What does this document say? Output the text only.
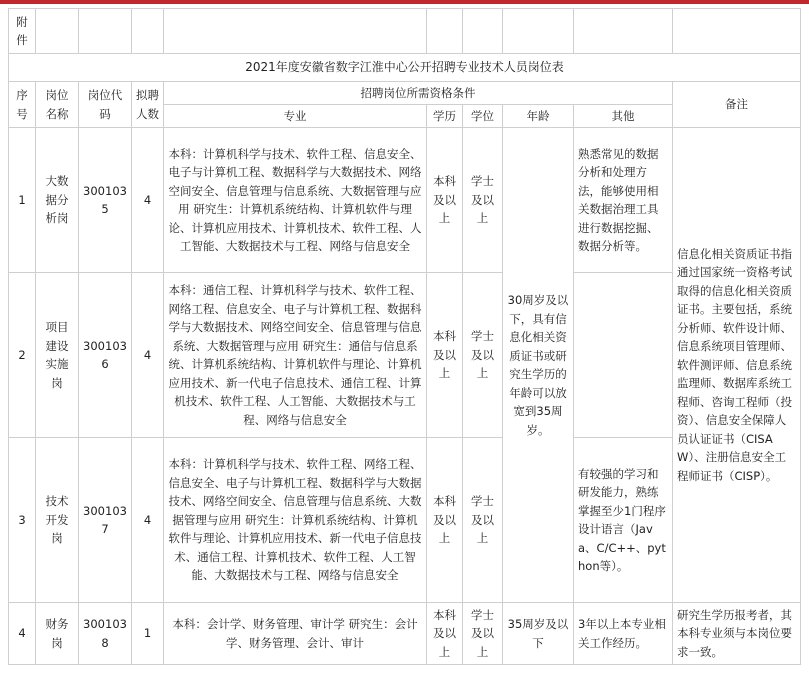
附件									
2021年度安徽省数字江淮中心公开招聘专业技术人员岗位表									
序号	岗位名称	岗位代码	拟聘人数	招聘岗位所需资格条件					备注
				专业	学历	学位	年龄	其他	
1	大数据分析岗	3001035	4	本科：计算机科学与技术、软件工程、信息安全、电子与计算机工程、数据科学与大数据技术、网络空间安全、信息管理与信息系统、大数据管理与应用 研究生：计算机系统结构、计算机软件与理论、计算机应用技术、计算机技术、软件工程、人工智能、大数据技术与工程、网络与信息安全	本科及以上	学士及以上	30周岁及以下，具有信息化相关资质证书或研究生学历的年龄可以放宽到35周岁。	熟悉常见的数据分析和处理方法，能够使用相关数据治理工具进行数据挖掘、数据分析等。	信息化相关资质证书指通过国家统一资格考试取得的信息化相关资质证书。主要包括，系统分析师、软件设计师、信息系统项目管理师、软件测评师、信息系统监理师、数据库系统工程师、咨询工程师（投资）、信息安全保障人员认证证书（CISAW）、注册信息安全工程师证书（CISP）。
2	项目建设实施岗	3001036	4	本科：通信工程、计算机科学与技术、软件工程、网络工程、信息安全、电子与计算机工程、数据科学与大数据技术、网络空间安全、信息管理与信息系统、大数据管理与应用 研究生：通信与信息系统、计算机系统结构、计算机软件与理论、计算机应用技术、新一代电子信息技术、通信工程、计算机技术、软件工程、人工智能、大数据技术与工程、网络与信息安全	本科及以上	学士及以上			
3	技术开发岗	3001037	4	本科：计算机科学与技术、软件工程、网络工程、信息安全、电子与计算机工程、数据科学与大数据技术、网络空间安全、信息管理与信息系统、大数据管理与应用 研究生：计算机系统结构、计算机软件与理论、计算机应用技术、新一代电子信息技术、通信工程、计算机技术、软件工程、人工智能、大数据技术与工程、网络与信息安全	本科及以上	学士及以上		有较强的学习和研发能力，熟练掌握至少1门程序设计语言（Java、C/C++、python等）。	
4	财务岗	3001038	1	本科：会计学、财务管理、审计学 研究生：会计学、财务管理、会计、审计	本科及以上	学士及以上	35周岁及以下	3年以上本专业相关工作经历。	研究生学历报考者，其本科专业须与本岗位要求一致。
